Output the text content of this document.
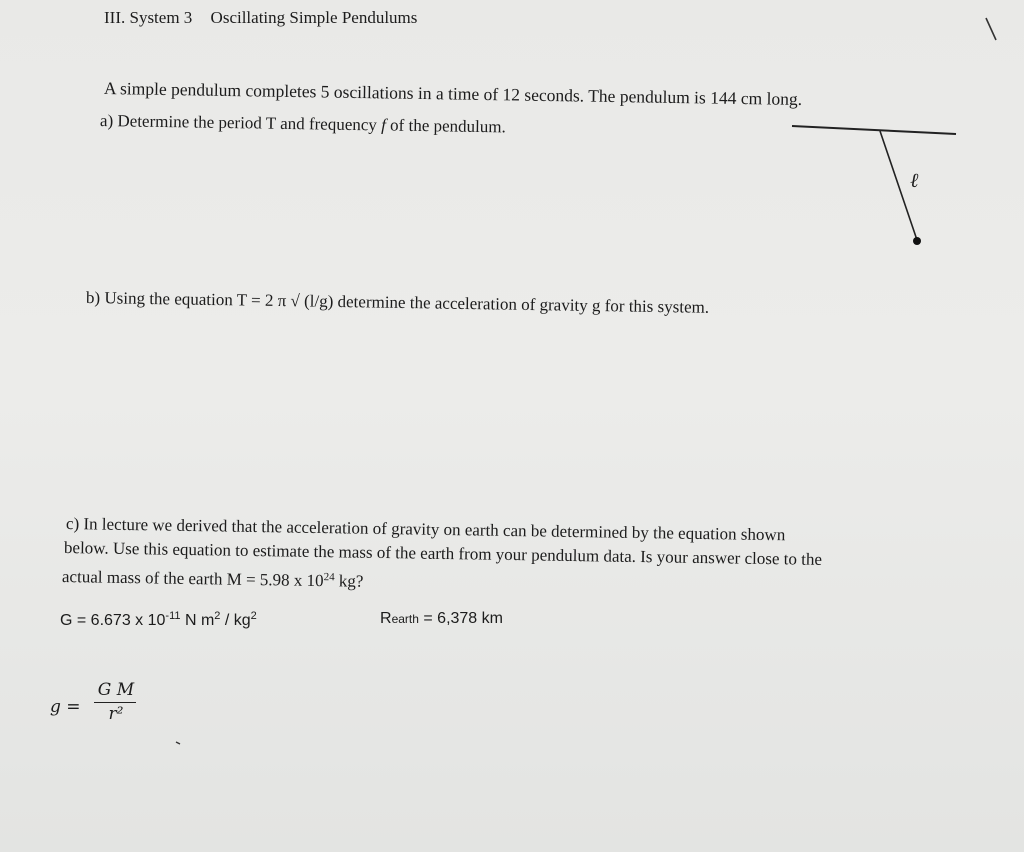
III. System 3 Oscillating Simple Pendulums
A simple pendulum completes 5 oscillations in a time of 12 seconds. The pendulum is 144 cm long.
a) Determine the period T and frequency f of the pendulum.
b) Using the equation T = 2 π √ (l/g) determine the acceleration of gravity g for this system.
c) In lecture we derived that the acceleration of gravity on earth can be determined by the equation shown
below. Use this equation to estimate the mass of the earth from your pendulum data. Is your answer close to the
actual mass of the earth M = 5.98 x $10^{24}$ kg?
G = 6.673 x $10^{-11}$ N $m^2 / kg^2$	Rearth = 6,378 km
g =
G M
r²
ℓ
